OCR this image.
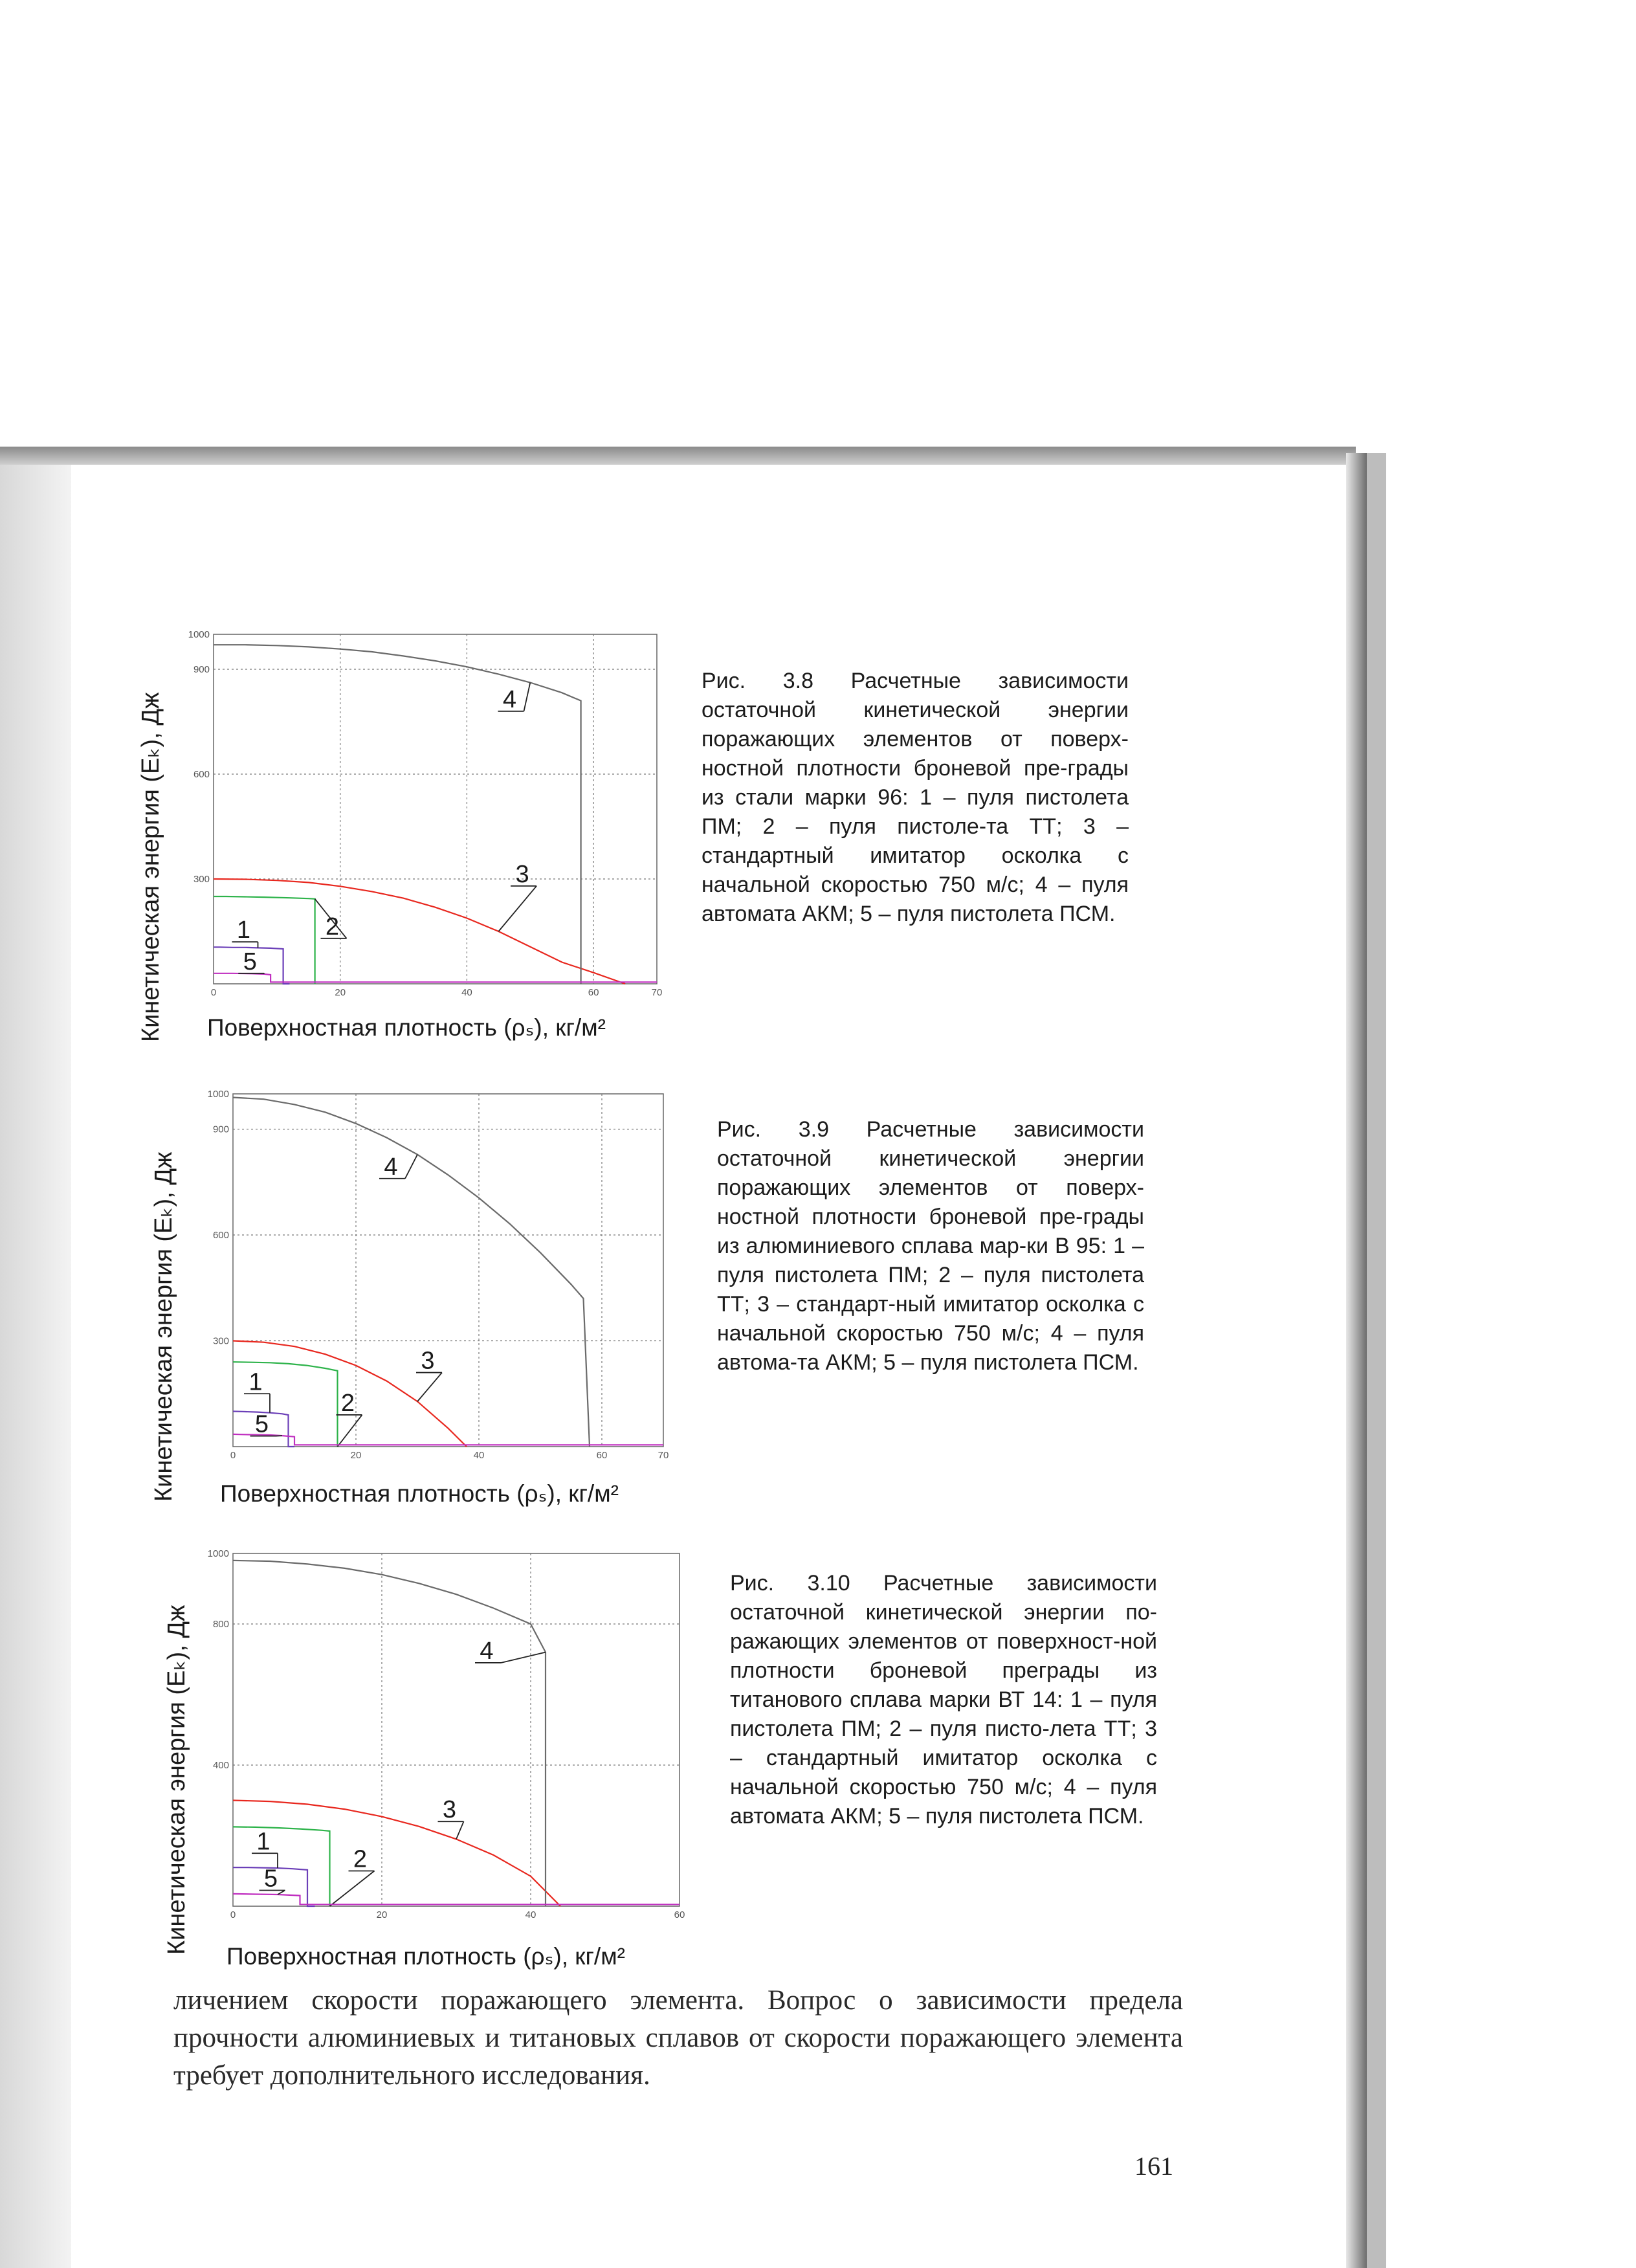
Кинетическая энергия (Eₖ), Дж Поверхностная плотность (ρₛ), кг/м²
0	20	40	60	70
300
600
900
1000
1	2
3
4
5
Рис. 3.8 Расчетные зависимости остаточной кинетической энергии поражающих элементов от поверх-ностной плотности броневой пре-грады из стали марки 96: 1 – пуля пистолета ПМ; 2 – пуля пистоле-та ТТ; 3 – стандартный имитатор осколка с начальной скоростью 750 м/с; 4 – пуля автомата АКМ; 5 – пуля пистолета ПСМ.
Кинетическая энергия (Eₖ), Дж Поверхностная плотность (ρₛ), кг/м²
0	20	40	60	70
300
600
900
1000
1
2
3
4
5
Рис. 3.9 Расчетные зависимости остаточной кинетической энергии поражающих элементов от поверх-ностной плотности броневой пре-грады из алюминиевого сплава мар-ки В 95: 1 – пуля пистолета ПМ; 2 – пуля пистолета ТТ; 3 – стандарт-ный имитатор осколка с начальной скоростью 750 м/с; 4 – пуля автома-та АКМ; 5 – пуля пистолета ПСМ.
Кинетическая энергия (Eₖ), Дж
Поверхностная плотность (ρₛ), кг/м²
0	20	40	60
400
800
1000
1
2
3
4
5
Рис. 3.10 Расчетные зависимости остаточной кинетической энергии по-ражающих элементов от поверхност-ной плотности броневой преграды из титанового сплава марки ВТ 14: 1 – пуля пистолета ПМ; 2 – пуля писто-лета ТТ; 3 – стандартный имитатор осколка с начальной скоростью 750 м/с; 4 – пуля автомата АКМ; 5 – пуля пистолета ПСМ.
личением скорости поражающего элемента. Вопрос о зависимости предела прочности алюминиевых и титановых сплавов от скорости поражающего элемента требует дополнительного исследования.
161
